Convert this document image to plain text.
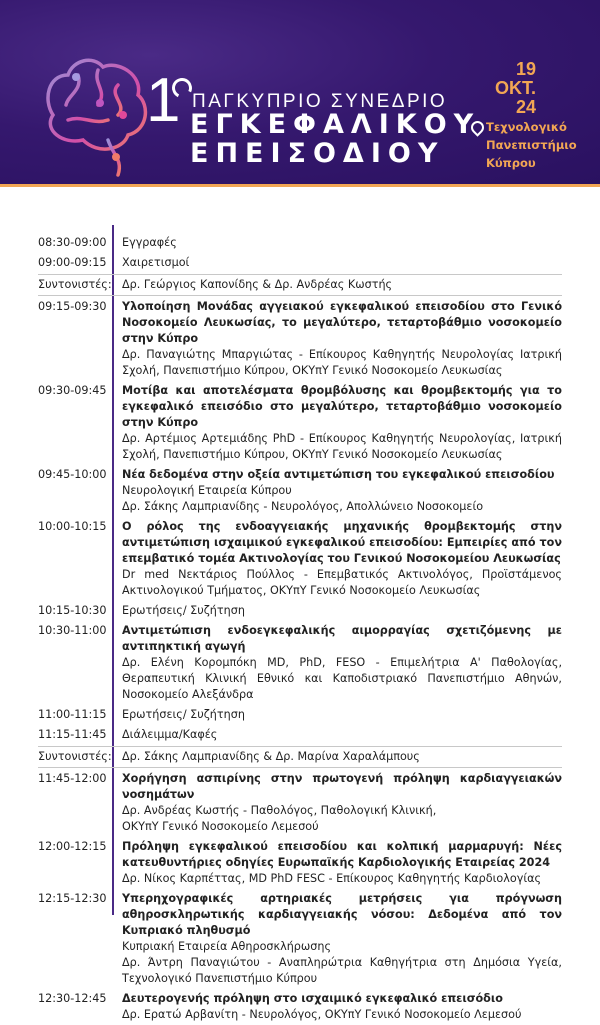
1 ΠΑΓΚΥΠΡΙΟ ΣΥΝΕΔΡΙΟ
ΕΓΚΕΦΑΛΙΚΟΥ
ΕΠΕΙΣΟΔΙΟΥ
19
ΟΚΤ.
24
Τεχνολογικό
Πανεπιστήμιο
Κύπρου
08:30-09:00	Εγγραφές
09:00-09:15	Χαιρετισμοί
Συντονιστές: Δρ. Γεώργιος Καπονίδης & Δρ. Ανδρέας Κωστής
09:15-09:30	Υλοποίηση Μονάδας αγγειακού εγκεφαλικού επεισοδίου στο Γενικό Νοσοκομείο Λευκωσίας, το μεγαλύτερο, τεταρτοβάθμιο νοσοκομείο στην Κύπρο
Δρ. Παναγιώτης Μπαργιώτας - Επίκουρος Καθηγητής Νευρολογίας Ιατρική Σχολή, Πανεπιστήμιο Κύπρου, ΟΚΥπΥ Γενικό Νοσοκομείο Λευκωσίας
09:30-09:45	Μοτίβα και αποτελέσματα θρομβόλυσης και θρομβεκτομής για το εγκεφαλικό επεισόδιο στο μεγαλύτερο, τεταρτοβάθμιο νοσοκομείο στην Κύπρο
Δρ. Αρτέμιος Αρτεμιάδης PhD - Επίκουρος Καθηγητής Νευρολογίας, Ιατρική Σχολή, Πανεπιστήμιο Κύπρου, ΟΚΥπΥ Γενικό Νοσοκομείο Λευκωσίας
09:45-10:00	Νέα δεδομένα στην οξεία αντιμετώπιση του εγκεφαλικού επεισοδίου
Νευρολογική Εταιρεία Κύπρου
Δρ. Σάκης Λαμπριανίδης - Νευρολόγος, Απολλώνειο Νοσοκομείο
10:00-10:15	Ο ρόλος της ενδοαγγειακής μηχανικής θρομβεκτομής στην αντιμετώπιση ισχαιμικού εγκεφαλικού επεισοδίου: Εμπειρίες από τον επεμβατικό τομέα Ακτινολογίας του Γενικού Νοσοκομείου Λευκωσίας
Dr med Νεκτάριος Πούλλος - Επεμβατικός Ακτινολόγος, Προϊστάμενος Ακτινολογικού Τμήματος, ΟΚΥπΥ Γενικό Νοσοκομείο Λευκωσίας
10:15-10:30	Ερωτήσεις/ Συζήτηση
10:30-11:00	Αντιμετώπιση ενδοεγκεφαλικής αιμορραγίας σχετιζόμενης με αντιπηκτική αγωγή
Δρ. Ελένη Κορομπόκη MD, PhD, FESO - Επιμελήτρια Α' Παθολογίας, Θεραπευτική Κλινική Εθνικό και Καποδιστριακό Πανεπιστήμιο Αθηνών, Νοσοκομείο Αλεξάνδρα
11:00-11:15	Ερωτήσεις/ Συζήτηση
11:15-11:45	Διάλειμμα/Καφές
Συντονιστές: Δρ. Σάκης Λαμπριανίδης & Δρ. Μαρίνα Χαραλάμπους
11:45-12:00	Χορήγηση ασπιρίνης στην πρωτογενή πρόληψη καρδιαγγειακών νοσημάτων
Δρ. Ανδρέας Κωστής - Παθολόγος, Παθολογική Κλινική,
ΟΚΥπΥ Γενικό Νοσοκομείο Λεμεσού
12:00-12:15	Πρόληψη εγκεφαλικού επεισοδίου και κολπική μαρμαρυγή: Νέες κατευθυντήριες οδηγίες Ευρωπαϊκής Καρδιολογικής Εταιρείας 2024
Δρ. Νίκος Καρπέττας, MD PhD FESC - Επίκουρος Καθηγητής Καρδιολογίας
12:15-12:30	Υπερηχογραφικές αρτηριακές μετρήσεις για πρόγνωση αθηροσκληρωτικής καρδιαγγειακής νόσου: Δεδομένα από τον Κυπριακό πληθυσμό
Κυπριακή Εταιρεία Αθηροσκλήρωσης
Δρ. Άντρη Παναγιώτου - Αναπληρώτρια Καθηγήτρια στη Δημόσια Υγεία, Τεχνολογικό Πανεπιστήμιο Κύπρου
12:30-12:45	Δευτερογενής πρόληψη στο ισχαιμικό εγκεφαλικό επεισόδιο
Δρ. Ερατώ Αρβανίτη - Νευρολόγος, ΟΚΥπΥ Γενικό Νοσοκομείο Λεμεσού
